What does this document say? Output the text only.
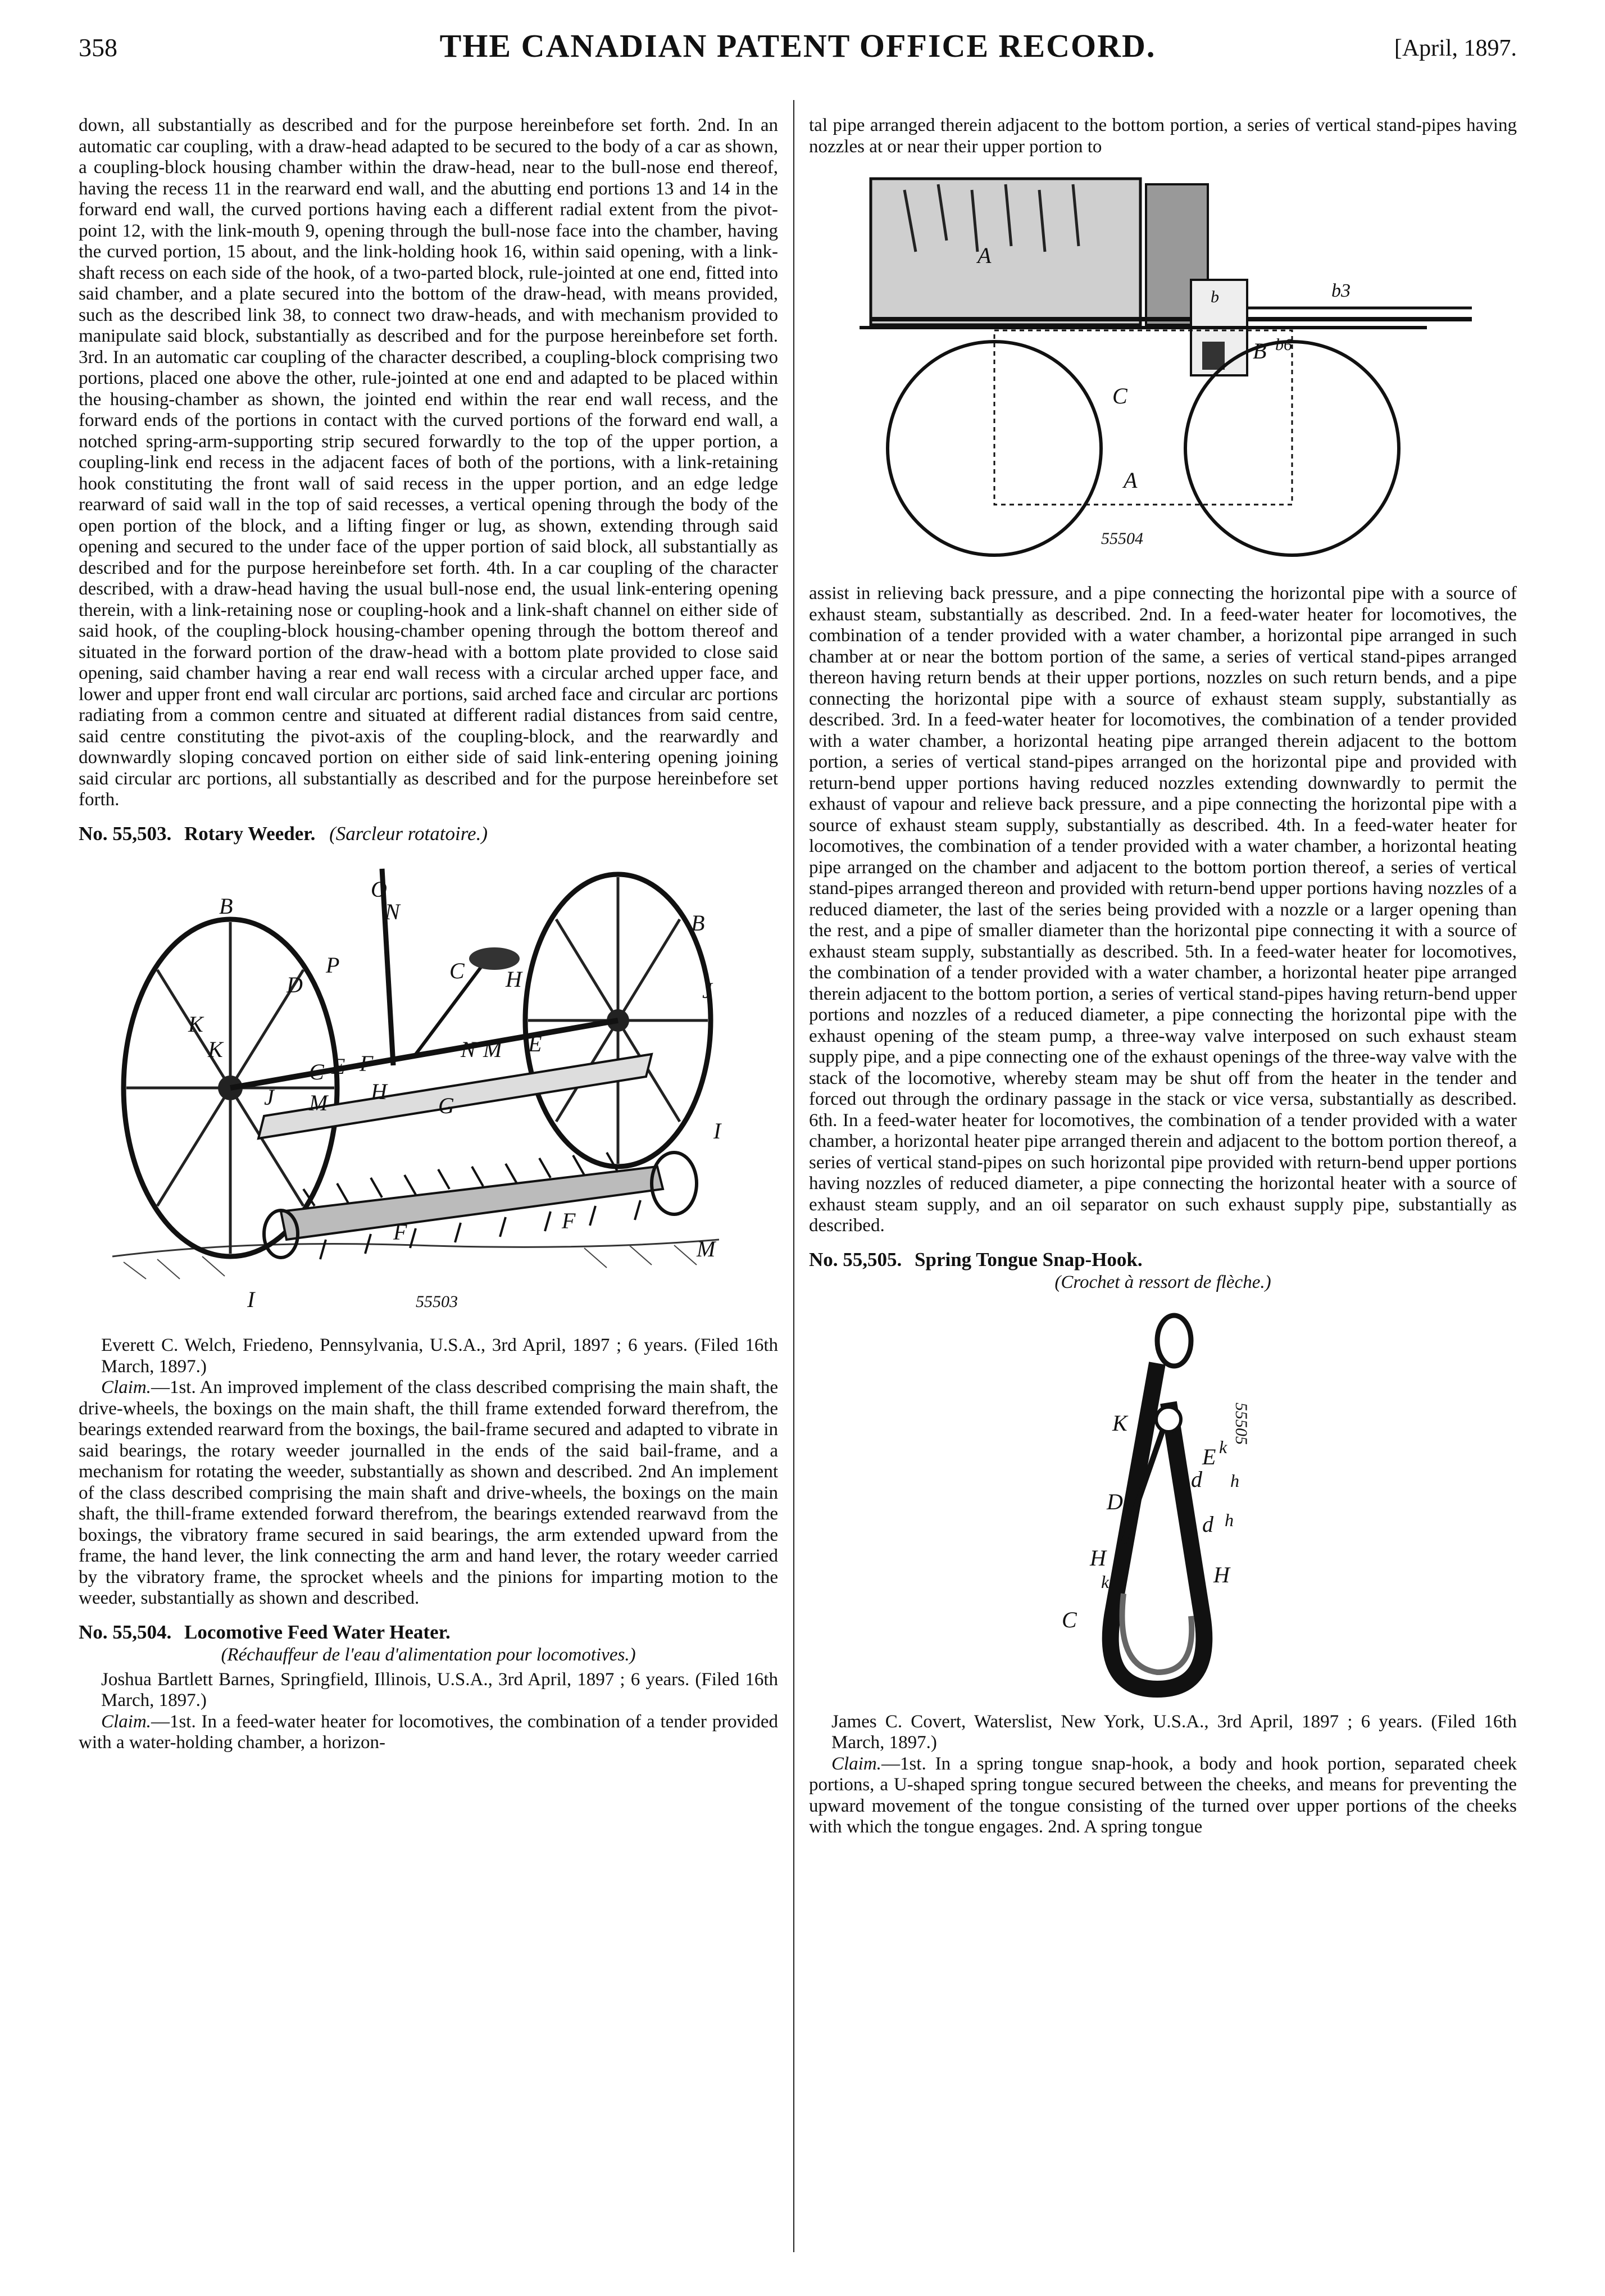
358	THE CANADIAN PATENT OFFICE RECORD.	[April, 1897.

down, all substantially as described and for the purpose hereinbefore set forth. 2nd. In an automatic car coupling, with a draw-head adapted to be secured to the body of a car as shown, a coupling-block housing chamber within the draw-head, near to the bull-nose end thereof, having the recess 11 in the rearward end wall, and the abutting end portions 13 and 14 in the forward end wall, the curved portions having each a different radial extent from the pivot-point 12, with the link-mouth 9, opening through the bull-nose face into the chamber, having the curved portion, 15 about, and the link-holding hook 16, within said opening, with a link-shaft recess on each side of the hook, of a two-parted block, rule-jointed at one end, fitted into said chamber, and a plate secured into the bottom of the draw-head, with means provided, such as the described link 38, to connect two draw-heads, and with mechanism provided to manipulate said block, substantially as described and for the purpose hereinbefore set forth. 3rd. In an automatic car coupling of the character described, a coupling-block comprising two portions, placed one above the other, rule-jointed at one end and adapted to be placed within the housing-chamber as shown, the jointed end within the rear end wall recess, and the forward ends of the portions in contact with the curved portions of the forward end wall, a notched spring-arm-supporting strip secured forwardly to the top of the upper portion, a coupling-link end recess in the adjacent faces of both of the portions, with a link-retaining hook constituting the front wall of said recess in the upper portion, and an edge ledge rearward of said wall in the top of said recesses, a vertical opening through the body of the open portion of the block, and a lifting finger or lug, as shown, extending through said opening and secured to the under face of the upper portion of said block, all substantially as described and for the purpose hereinbefore set forth. 4th. In a car coupling of the character described, with a draw-head having the usual bull-nose end, the usual link-entering opening therein, with a link-retaining nose or coupling-hook and a link-shaft channel on either side of said hook, of the coupling-block housing-chamber opening through the bottom thereof and situated in the forward portion of the draw-head with a bottom plate provided to close said opening, said chamber having a rear end wall recess with a circular arched upper face, and lower and upper front end wall circular arc portions, said arched face and circular arc portions radiating from a common centre and situated at different radial distances from said centre, said centre constituting the pivot-axis of the coupling-block, and the rearwardly and downwardly sloping concaved portion on either side of said link-entering opening joining said circular arc portions, all substantially as described and for the purpose hereinbefore set forth.

No. 55,503. Rotary Weeder. (Sarcleur rotatoire.)
B
O
N
P
D
C H
K
B
J
K
C E F
N M E
J M H
G
I
F	F
M
I	55503

Everett C. Welch, Friedeno, Pennsylvania, U.S.A., 3rd April, 1897 ; 6 years. (Filed 16th March, 1897.)

Claim.—1st. An improved implement of the class described comprising the main shaft, the drive-wheels, the boxings on the main shaft, the thill frame extended forward therefrom, the bearings extended rearward from the boxings, the bail-frame secured and adapted to vibrate in said bearings, the rotary weeder journalled in the ends of the said bail-frame, and a mechanism for rotating the weeder, substantially as shown and described. 2nd An implement of the class described comprising the main shaft and drive-wheels, the boxings on the main shaft, the thill-frame extended forward therefrom, the bearings extended rearwavd from the boxings, the vibratory frame secured in said bearings, the arm extended upward from the frame, the hand lever, the link connecting the arm and hand lever, the rotary weeder carried by the vibratory frame, the sprocket wheels and the pinions for imparting motion to the weeder, substantially as shown and described.

No. 55,504. Locomotive Feed Water Heater.

(Réchauffeur de l'eau d'alimentation pour locomotives.)

Joshua Bartlett Barnes, Springfield, Illinois, U.S.A., 3rd April, 1897 ; 6 years. (Filed 16th March, 1897.)

Claim.—1st. In a feed-water heater for locomotives, the combination of a tender provided with a water-holding chamber, a horizon-

tal pipe arranged therein adjacent to the bottom portion, a series of vertical stand-pipes having nozzles at or near their upper portion to

A
b
B
b3
b6
C
A
55504

assist in relieving back pressure, and a pipe connecting the horizontal pipe with a source of exhaust steam, substantially as described. 2nd. In a feed-water heater for locomotives, the combination of a tender provided with a water chamber, a horizontal pipe arranged in such chamber at or near the bottom portion of the same, a series of vertical stand-pipes arranged thereon having return bends at their upper portions, nozzles on such return bends, and a pipe connecting the horizontal pipe with a source of exhaust steam supply, substantially as described. 3rd. In a feed-water heater for locomotives, the combination of a tender provided with a water chamber, a horizontal heating pipe arranged therein adjacent to the bottom portion, a series of vertical stand-pipes arranged on the horizontal pipe and provided with return-bend upper portions having reduced nozzles extending downwardly to permit the exhaust of vapour and relieve back pressure, and a pipe connecting the horizontal pipe with a source of exhaust steam supply, substantially as described. 4th. In a feed-water heater for locomotives, the combination of a tender provided with a water chamber, a horizontal heating pipe arranged on the chamber and adjacent to the bottom portion thereof, a series of vertical stand-pipes arranged thereon and provided with return-bend upper portions having nozzles of a reduced diameter, the last of the series being provided with a nozzle or a larger opening than the rest, and a pipe of smaller diameter than the horizontal pipe connecting it with a source of exhaust steam supply, substantially as described. 5th. In a feed-water heater for locomotives, the combination of a tender provided with a water chamber, a horizontal heater pipe arranged therein adjacent to the bottom portion, a series of vertical stand-pipes having return-bend upper portions and nozzles of a reduced diameter, a pipe connecting the horizontal pipe with the exhaust opening of the steam pump, a three-way valve interposed on such exhaust steam supply pipe, and a pipe connecting one of the exhaust openings of the three-way valve with the stack of the locomotive, whereby steam may be shut off from the heater in the tender and forced out through the ordinary passage in the stack or vice versa, substantially as described. 6th. In a feed-water heater for locomotives, the combination of a tender provided with a water chamber, a horizontal heater pipe arranged therein and adjacent to the bottom portion thereof, a series of vertical stand-pipes on such horizontal pipe provided with return-bend upper portions having nozzles of reduced diameter, a pipe connecting the horizontal heater with a source of exhaust steam supply, and an oil separator on such exhaust supply pipe, substantially as described.

No. 55,505. Spring Tongue Snap-Hook.

(Crochet à ressort de flèche.)

K
D
E
d
k
h
d
H
k
C
h
H
55505

James C. Covert, Waterslist, New York, U.S.A., 3rd April, 1897 ; 6 years. (Filed 16th March, 1897.)

Claim.—1st. In a spring tongue snap-hook, a body and hook portion, separated cheek portions, a U-shaped spring tongue secured between the cheeks, and means for preventing the upward movement of the tongue consisting of the turned over upper portions of the cheeks with which the tongue engages. 2nd. A spring tongue
